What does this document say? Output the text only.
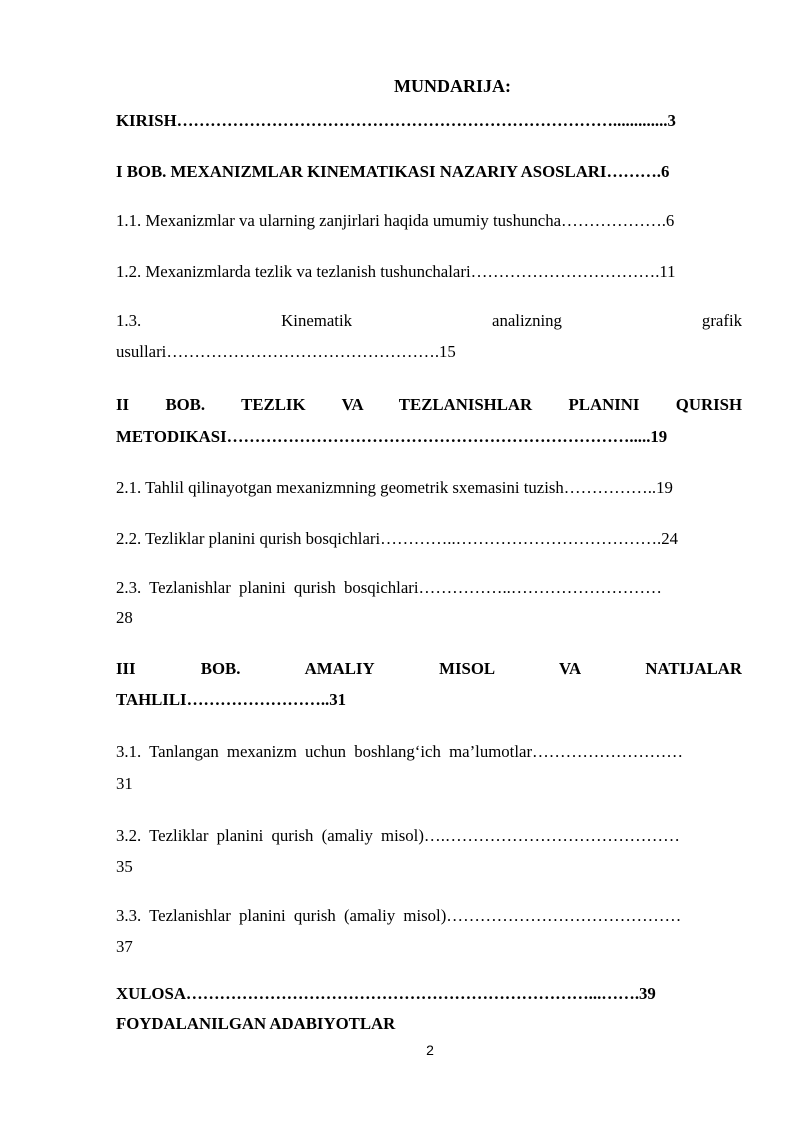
MUNDARIJA:
KIRISH…………………………………………………………………….............3
I BOB. MEXANIZMLAR KINEMATIKASI NAZARIY ASOSLARI……….6
1.1. Mexanizmlar va ularning zanjirlari haqida umumiy tushuncha……………….6
1.2. Mexanizmlarda tezlik va tezlanish tushunchalari…………………………….11
1.3. Kinematik analizning grafik
usullari………………………………………….15
II BOB. TEZLIK VA TEZLANISHLAR PLANINI QURISH
METODIKASI……………………………………………………………….....19
2.1. Tahlil qilinayotgan mexanizmning geometrik sxemasini tuzish……………..19
2.2. Tezliklar planini qurish bosqichlari…………..……………………………….24
2.3. Tezlanishlar planini qurish bosqichlari……………..………………………
28
III BOB. AMALIY MISOL VA NATIJALAR
TAHLILI……………………..31
3.1. Tanlangan mexanizm uchun boshlang‘ich ma’lumotlar………………………
31
3.2. Tezliklar planini qurish (amaliy misol)….……………………………………
35
3.3. Tezlanishlar planini qurish (amaliy misol)……………………………………
37
XULOSA………………………………………………………………...…….39
FOYDALANILGAN ADABIYOTLAR
2
